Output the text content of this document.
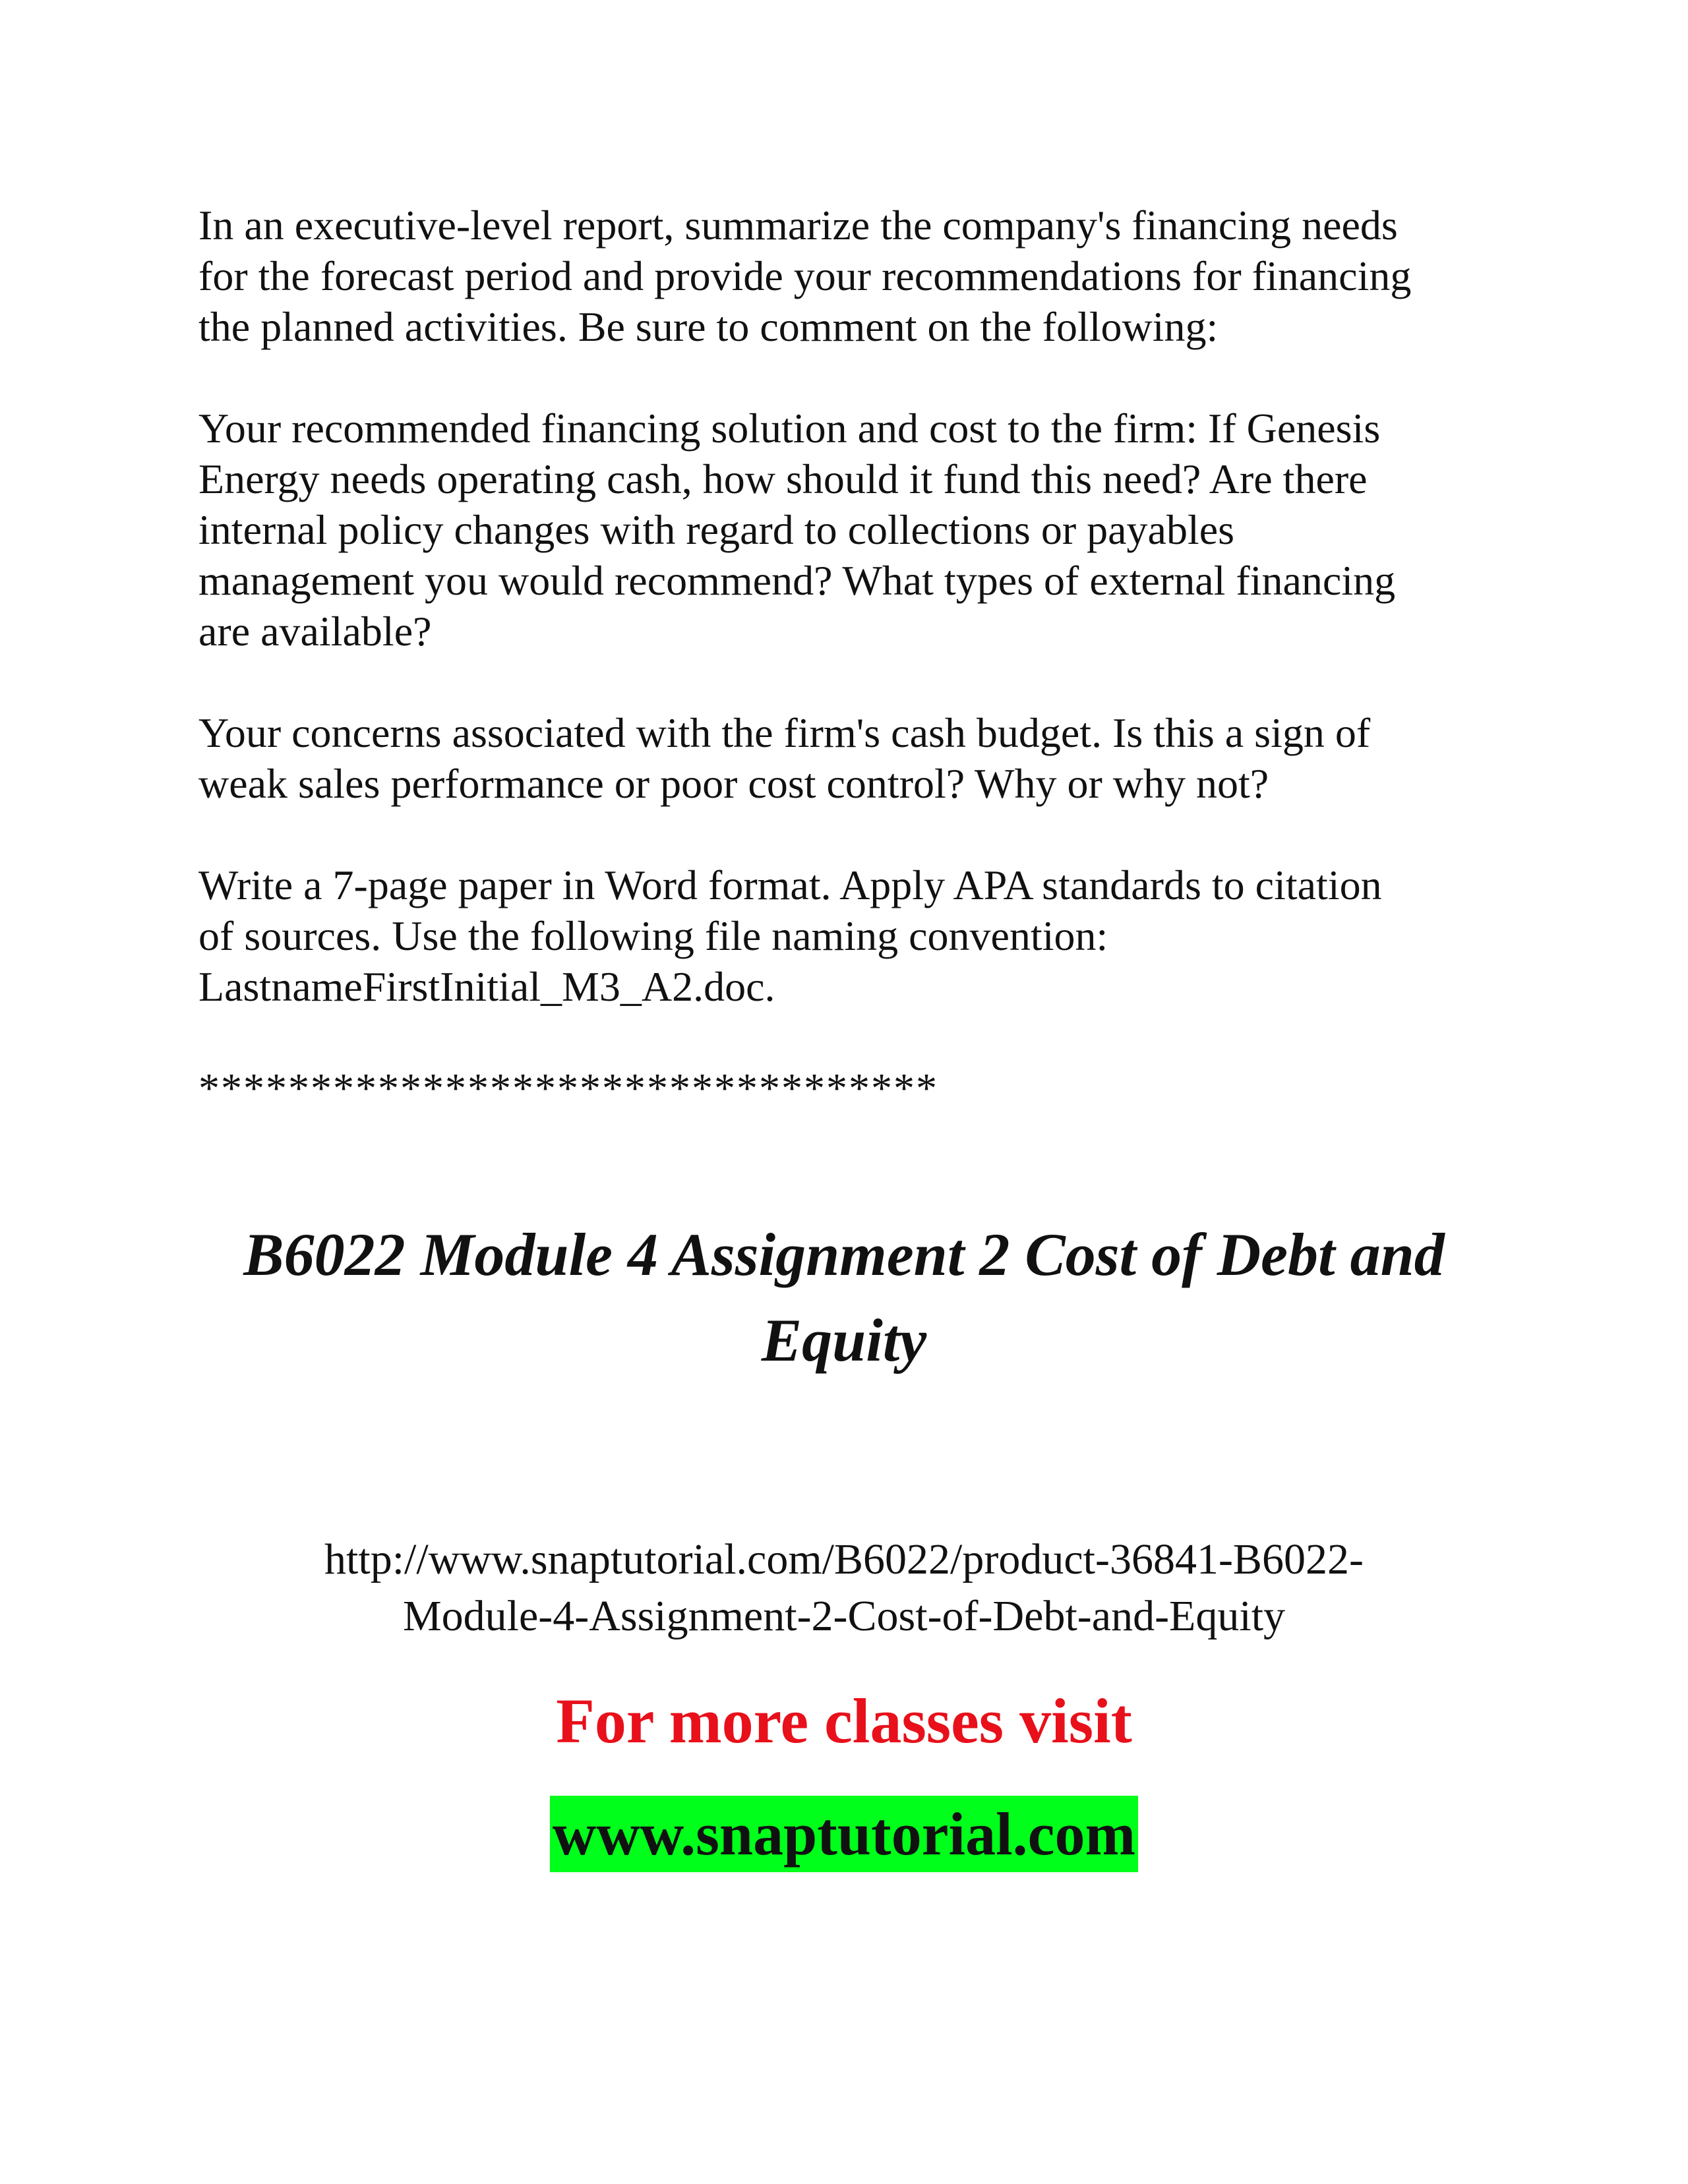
In an executive-level report, summarize the company's financing needs
for the forecast period and provide your recommendations for financing
the planned activities. Be sure to comment on the following:

Your recommended financing solution and cost to the firm: If Genesis
Energy needs operating cash, how should it fund this need? Are there
internal policy changes with regard to collections or payables
management you would recommend? What types of external financing
are available?

Your concerns associated with the firm's cash budget. Is this a sign of
weak sales performance or poor cost control? Why or why not?

Write a 7-page paper in Word format. Apply APA standards to citation
of sources. Use the following file naming convention:
LastnameFirstInitial_M3_A2.doc.

*********************************

B6022 Module 4 Assignment 2 Cost of Debt and
Equity

http://www.snaptutorial.com/B6022/product-36841-B6022-
Module-4-Assignment-2-Cost-of-Debt-and-Equity

For more classes visit

www.snaptutorial.com
